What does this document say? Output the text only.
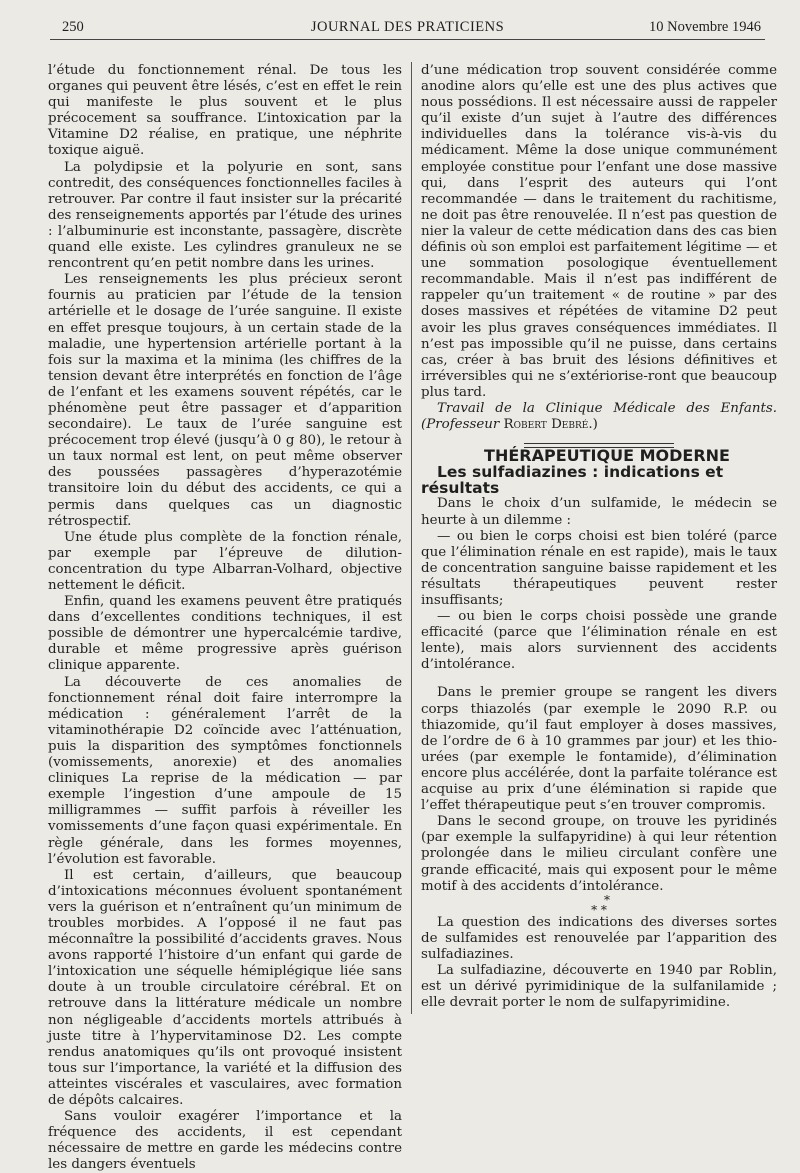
250	JOURNAL DES PRATICIENS	10 Novembre 1946

l’étude du fonctionnement rénal. De tous les organes qui peuvent être lésés, c’est en effet le rein qui manifeste le plus souvent et le plus précocement sa souffrance. L’intoxication par la Vitamine D2 réalise, en pratique, une néphrite toxique aiguë.

La polydipsie et la polyurie en sont, sans contredit, des conséquences fonctionnelles faciles à retrouver. Par contre il faut insister sur la précarité des renseignements apportés par l’étude des urines : l’albuminurie est inconstante, passagère, discrète quand elle existe. Les cylindres granuleux ne se rencontrent qu’en petit nombre dans les urines.

Les renseignements les plus précieux seront fournis au praticien par l’étude de la tension artérielle et le dosage de l’urée sanguine. Il existe en effet presque toujours, à un certain stade de la maladie, une hypertension artérielle portant à la fois sur la maxima et la minima (les chiffres de la tension devant être interprétés en fonction de l’âge de l’enfant et les examens souvent répétés, car le phénomène peut être passager et d’apparition secondaire). Le taux de l’urée sanguine est précocement trop élevé (jusqu’à 0 g 80), le retour à un taux normal est lent, on peut même observer des poussées passagères d’hyperazotémie transitoire loin du début des accidents, ce qui a permis dans quelques cas un diagnostic rétrospectif.

Une étude plus complète de la fonction rénale, par exemple par l’épreuve de dilution-concentration du type Albarran-Volhard, objective nettement le déficit.

Enfin, quand les examens peuvent être pratiqués dans d’excellentes conditions techniques, il est possible de démontrer une hypercalcémie tardive, durable et même progressive après guérison clinique apparente.

La découverte de ces anomalies de fonctionnement rénal doit faire interrompre la médication : généralement l’arrêt de la vitaminothérapie D2 coïncide avec l’atténuation, puis la disparition des symptômes fonctionnels (vomissements, anorexie) et des anomalies cliniques La reprise de la médication — par exemple l’ingestion d’une ampoule de 15 milligrammes — suffit parfois à réveiller les vomissements d’une façon quasi expérimentale. En règle générale, dans les formes moyennes, l’évolution est favorable.

Il est certain, d’ailleurs, que beaucoup d’intoxications méconnues évoluent spontanément vers la guérison et n’entraînent qu’un minimum de troubles morbides. A l’opposé il ne faut pas méconnaître la possibilité d’accidents graves. Nous avons rapporté l’histoire d’un enfant qui garde de l’intoxication une séquelle hémiplégique liée sans doute à un trouble circulatoire cérébral. Et on retrouve dans la littérature médicale un nombre non négligeable d’accidents mortels attribués à juste titre à l’hypervitaminose D2. Les compte rendus anatomiques qu’ils ont provoqué insistent tous sur l’importance, la variété et la diffusion des atteintes viscérales et vasculaires, avec formation de dépôts calcaires.

Sans vouloir exagérer l’importance et la fréquence des accidents, il est cependant nécessaire de mettre en garde les médecins contre les dangers éventuels

d’une médication trop souvent considérée comme anodine alors qu’elle est une des plus actives que nous possédions. Il est nécessaire aussi de rappeler qu’il existe d’un sujet à l’autre des différences individuelles dans la tolérance vis-à-vis du médicament. Même la dose unique communément employée constitue pour l’enfant une dose massive qui, dans l’esprit des auteurs qui l’ont recommandée — dans le traitement du rachitisme, ne doit pas être renouvelée. Il n’est pas question de nier la valeur de cette médication dans des cas bien définis où son emploi est parfaitement légitime — et une sommation posologique éventuellement recommandable. Mais il n’est pas indifférent de rappeler qu’un traitement « de routine » par des doses massives et répétées de vitamine D2 peut avoir les plus graves conséquences immédiates. Il n’est pas impossible qu’il ne puisse, dans certains cas, créer à bas bruit des lésions définitives et irréversibles qui ne s’extériorise-ront que beaucoup plus tard.

Travail de la Clinique Médicale des Enfants. (Professeur Robert Debré.)

THÉRAPEUTIQUE MODERNE

Les sulfadiazines : indications et résultats

Dans le choix d’un sulfamide, le médecin se heurte à un dilemme :

— ou bien le corps choisi est bien toléré (parce que l’élimination rénale en est rapide), mais le taux de concentration sanguine baisse rapidement et les résultats thérapeutiques peuvent rester insuffisants;

— ou bien le corps choisi possède une grande efficacité (parce que l’élimination rénale en est lente), mais alors surviennent des accidents d’intolérance.

Dans le premier groupe se rangent les divers corps thiazolés (par exemple le 2090 R.P. ou thiazomide, qu’il faut employer à doses massives, de l’ordre de 6 à 10 grammes par jour) et les thio-urées (par exemple le fontamide), d’élimination encore plus accélérée, dont la parfaite tolérance est acquise au prix d’une élémination si rapide que l’effet thérapeutique peut s’en trouver compromis.

Dans le second groupe, on trouve les pyridinés (par exemple la sulfapyridine) à qui leur rétention prolongée dans le milieu circulant confère une grande efficacité, mais qui exposent pour le même motif à des accidents d’intolérance.

*
* *

La question des indications des diverses sortes de sulfamides est renouvelée par l’apparition des sulfadiazines.

La sulfadiazine, découverte en 1940 par Roblin, est un dérivé pyrimidinique de la sulfanilamide ; elle devrait porter le nom de sulfapyrimidine.
